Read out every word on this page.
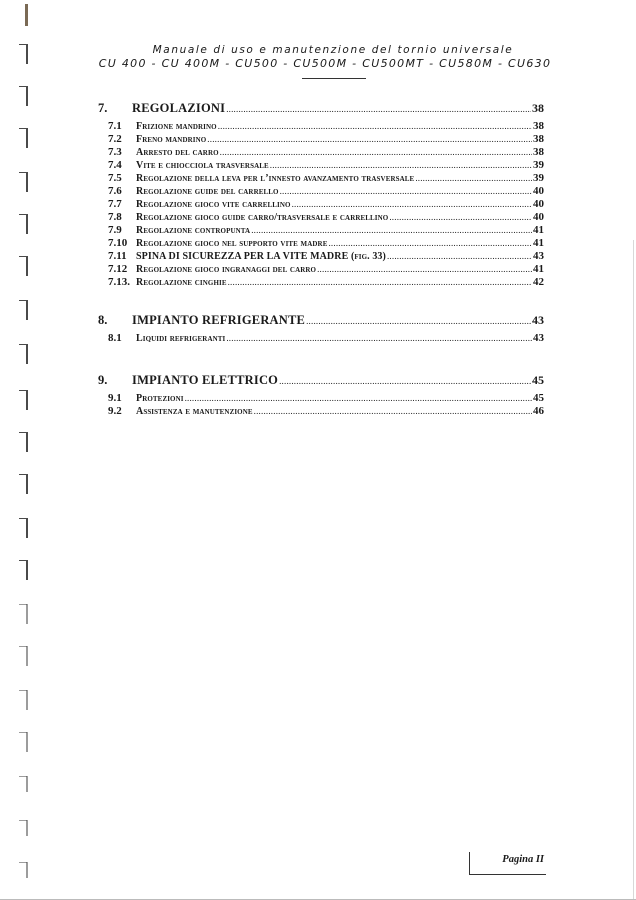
Manuale di uso e manutenzione del tornio universale
CU 400 - CU 400M - CU500 - CU500M - CU500MT - CU580M - CU630
7.	REGOLAZIONI .....	38
7.1	Frizione mandrino .....	38
7.2	Freno mandrino .....	38
7.3	Arresto del carro .....	38
7.4	Vite e chiocciola trasversale .....	39
7.5	Regolazione della leva per l’innesto avanzamento trasversale .....	39
7.6	Regolazione guide del carrello .....	40
7.7	Regolazione gioco vite carrellino .....	40
7.8	Regolazione gioco guide carro/trasversale e carrellino .....	40
7.9	Regolazione contropunta .....	41
7.10 Regolazione gioco nel supporto vite madre .....	41
7.11 SPINA DI SICUREZZA PER LA VITE MADRE (fig. 33) .....	43
7.12 Regolazione gioco ingranaggi del carro .....	41
7.13. Regolazione cinghie .....	42
8.	IMPIANTO REFRIGERANTE .....	43
8.1	Liquidi refrigeranti .....	43
9.	IMPIANTO ELETTRICO .....	45
9.1	Protezioni .....	45
9.2	Assistenza e manutenzione .....	46
Pagina II
